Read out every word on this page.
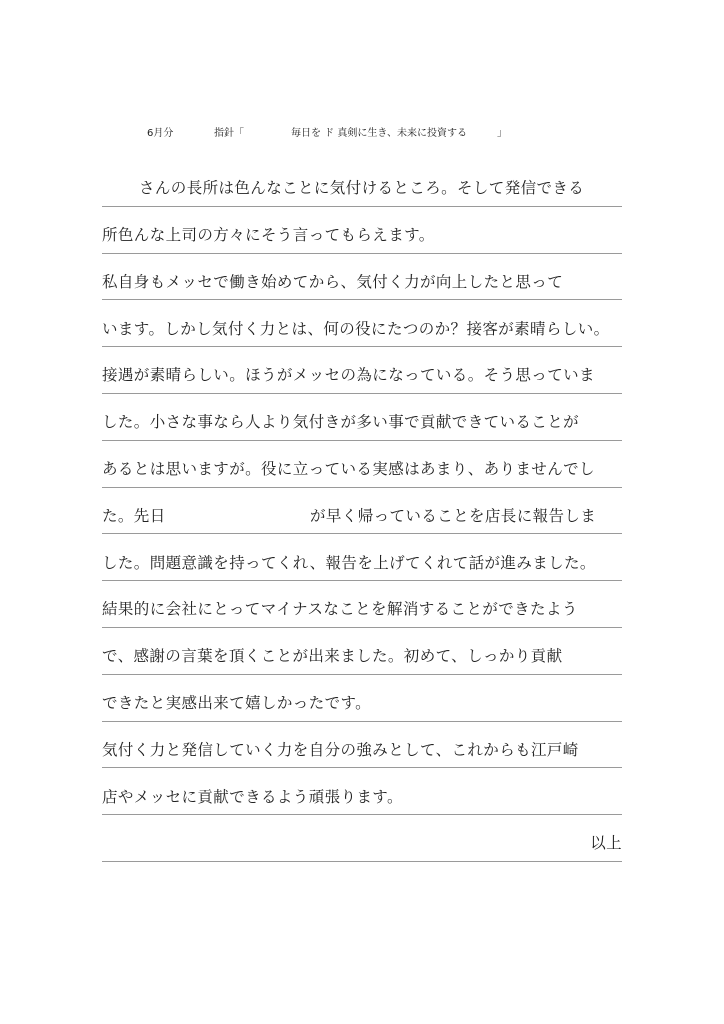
6月分	指針「	毎日を ド 真剣に生き、未来に投資する	」
さんの長所は色んなことに気付けるところ。そして発信できる
所色んな上司の方々にそう言ってもらえます。
私自身もメッセで働き始めてから、気付く力が向上したと思って
います。しかし気付く力とは、何の役にたつのか？接客が素晴らしい。
接遇が素晴らしい。ほうがメッセの為になっている。そう思っていま
した。小さな事なら人より気付きが多い事で貢献できていることが
あるとは思いますが。役に立っている実感はあまり、ありませんでし
た。先日	が早く帰っていることを店長に報告しま
した。問題意識を持ってくれ、報告を上げてくれて話が進みました。
結果的に会社にとってマイナスなことを解消することができたよう
で、感謝の言葉を頂くことが出来ました。初めて、しっかり貢献
できたと実感出来て嬉しかったです。
気付く力と発信していく力を自分の強みとして、これからも江戸崎
店やメッセに貢献できるよう頑張ります。
以上
